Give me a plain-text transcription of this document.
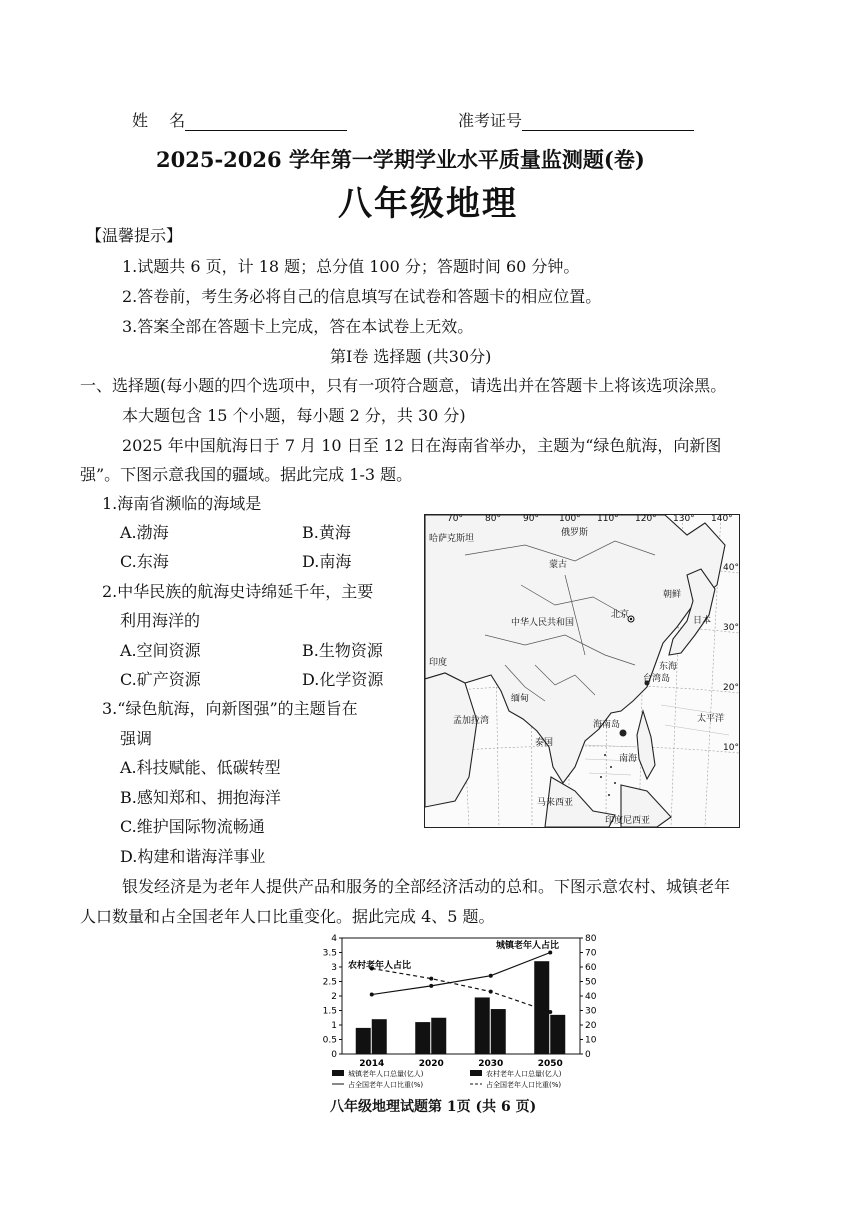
姓　 名	准考证号
2025-2026 学年第一学期学业水平质量监测题(卷)
八年级地理
【温馨提示】
1.试题共 6 页，计 18 题；总分值 100 分；答题时间 60 分钟。
2.答卷前，考生务必将自己的信息填写在试卷和答题卡的相应位置。
3.答案全部在答题卡上完成，答在本试卷上无效。
第Ⅰ卷 选择题 (共30分)
一、选择题(每小题的四个选项中，只有一项符合题意，请选出并在答题卡上将该选项涂黑。
本大题包含 15 个小题，每小题 2 分，共 30 分)
2025 年中国航海日于 7 月 10 日至 12 日在海南省举办，主题为“绿色航海，向新图
强”。下图示意我国的疆域。据此完成 1-3 题。
1.海南省濒临的海域是
A.渤海	B.黄海
C.东海	D.南海
2.中华民族的航海史诗绵延千年，主要
利用海洋的
A.空间资源	B.生物资源
C.矿产资源	D.化学资源
3.“绿色航海，向新图强”的主题旨在
强调
A.科技赋能、低碳转型
B.感知郑和、拥抱海洋
C.维护国际物流畅通
D.构建和谐海洋事业
70° 80° 90° 100° 110° 120° 130° 140°
40°
30°
20°
10°
俄罗斯
哈萨克斯坦
蒙古
中华人民共和国
北京
朝鲜
日本
印度	东海
台湾岛
缅甸
太平洋
孟加拉湾	海南岛
泰国
南海
马来西亚
印度尼西亚
银发经济是为老年人提供产品和服务的全部经济活动的总和。下图示意农村、城镇老年
人口数量和占全国老年人口比重变化。据此完成 4、5 题。
0
0.5
1
1.5
2
2.5
3
3.5
4
0
10
20
30
40
50
60
70
80
2014	2020	2030	2050
城镇老年人占比
农村老年人占比
城镇老年人口总量(亿人)	农村老年人口总量(亿人)
占全国老年人口比重(%)	占全国老年人口比重(%)
八年级地理试题第 1页 (共 6 页)
